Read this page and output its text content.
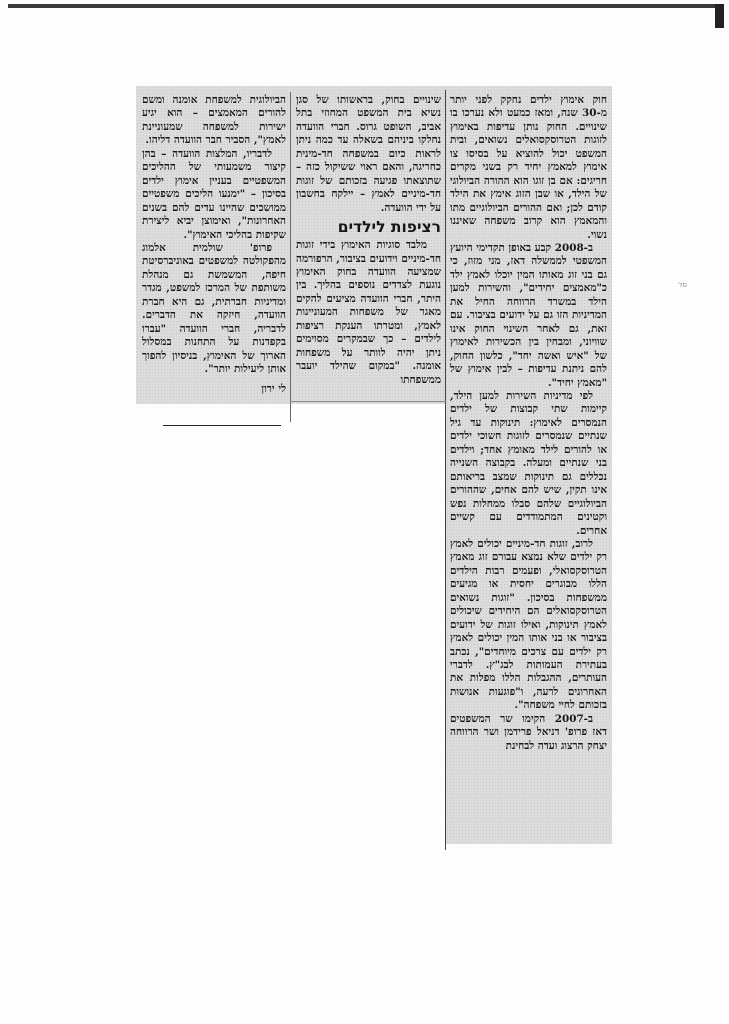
חוק אימוץ ילדים נחקק לפני יותר מ-30 שנה, ומאז כמעט ולא נערכו בו שינויים. החוק נותן עדיפות באימוץ לזוגות הטרוסקסואלים נשואים, ובית המשפט יכול להוציא על בסיסו צו אימוץ למאמץ יחיד רק בשני מקרים חריגים: אם בן זוגו הוא ההורה הביולוגי של הילד, או שבן הזוג אימץ את הילד קודם לכן; ואם ההורים הביולוגיים מתו והמאמץ הוא קרוב משפחה שאיננו נשוי.

ב-2008 קבע באופן תקדימי היועץ המשפטי לממשלה דאז, מני מזוז, כי גם בני זוג מאותו המין יוכלו לאמץ ילד כ"מאמצים יחידים", והשירות למען הילד במשרד הרווחה החיל את המדיניות הזו גם על ידועים בציבור. עם זאת, גם לאחר השינוי החוק אינו שוויוני, ומבחין בין הכשירות לאימוץ של "איש ואשה יחד", כלשון החוק, להם ניתנת עדיפות – לבין אימוץ של "מאמץ יחיד".

לפי מדיניות השירות למען הילד, קיימות שתי קבוצות של ילדים הנמסרים לאימוץ: תינוקות עד גיל שנתיים שנמסרים לזוגות חשוכי ילדים או להורים לילד מאומץ אחד; וילדים בני שנתיים ומעלה. בקבוצה השנייה נכללים גם תינוקות שמצב בריאותם אינו תקין, שיש להם אחים, שההורים הביולוגיים שלהם סבלו ממחלות נפש וקטינים המתמודדים עם קשיים אחרים.

לרוב, זוגות חד-מיניים יכולים לאמץ רק ילדים שלא נמצא עבורם זוג מאמץ הטרוסקסואלי, ופעמים רבות הילדים הללו מבוגרים יחסית או מגיעים ממשפחות בסיכון. "זוגות נשואים הטרוסקסואלים הם היחידים שיכולים לאמץ תינוקות, ואילו זוגות של ידועים בציבור או בני אותו המין יכולים לאמץ רק ילדים עם צרכים מיוחדים", נכתב בעתירת העמותות לבג"ץ. לדברי העותרים, ההגבלות הללו מפלות את האחרונים לרעה, ו"פוגעות אנושות בזכותם לחיי משפחה".

ב-2007 הקימו שר המשפטים דאז פרופ' דניאל פרידמן ושר הרווחה יצחק הרצוג ועדה לבחינת

שינויים בחוק, בראשותו של סגן נשיא בית המשפט המחוזי בתל אביב, השופט גרוס. חברי הוועדה נחלקו ביניהם בשאלה עד כמה ניתן לראות כיום במשפחה חד-מינית כחריגה, והאם ראוי ששיקול כזה – שתוצאתו פגיעה בזכותם של זוגות חד-מיניים לאמץ – יילקח בחשבון על ידי הוועדה.

רציפות לילדים

מלבד סוגיות האימוץ בידי זוגות חד-מיניים וידועים בציבור, הרפורמה שמציעה הוועדה בחוק האימוץ נוגעת לצדדים נוספים בהליך. בין היתר, חברי הוועדה מציעים להקים מאגר של משפחות המעוניינות לאמץ, ומטרתו הענקת רציפות לילדים – כך שבמקרים מסוימים ניתן יהיה לוותר על משפחות אומנה. "במקום שהילד יועבר ממשפחתו

הביולוגית למשפחת אומנה ומשם להורים המאמצים – הוא יגיע ישירות למשפחה שמעוניינת לאמץ", הסביר חבר הוועדה דליהו.

לדבריו, המלצות הוועדה – בהן קיצור משמעותי של ההליכים המשפטיים בעניין אימוץ ילדים בסיכון – "ימנעו הליכים משפטיים ממושכים שהיינו עדים להם בשנים האחרונות", ואימוצן יביא ליצירת שקיפות בהליכי האימוץ".

פרופ' שולמית אלמוג מהפקולטה למשפטים באוניברסיטת חיפה, המשמשת גם מנהלת משותפת של המרכז למשפט, מגדר ומדיניות חברתית, גם היא חברת הוועדה, חיזקה את הדברים. לדבריה, חברי הוועדה "עברו בקפדנות על התחנות במסלול הארוך של האימוץ, בניסיון להפוך אותן ליעילות יותר".

לי ירון

'סז
